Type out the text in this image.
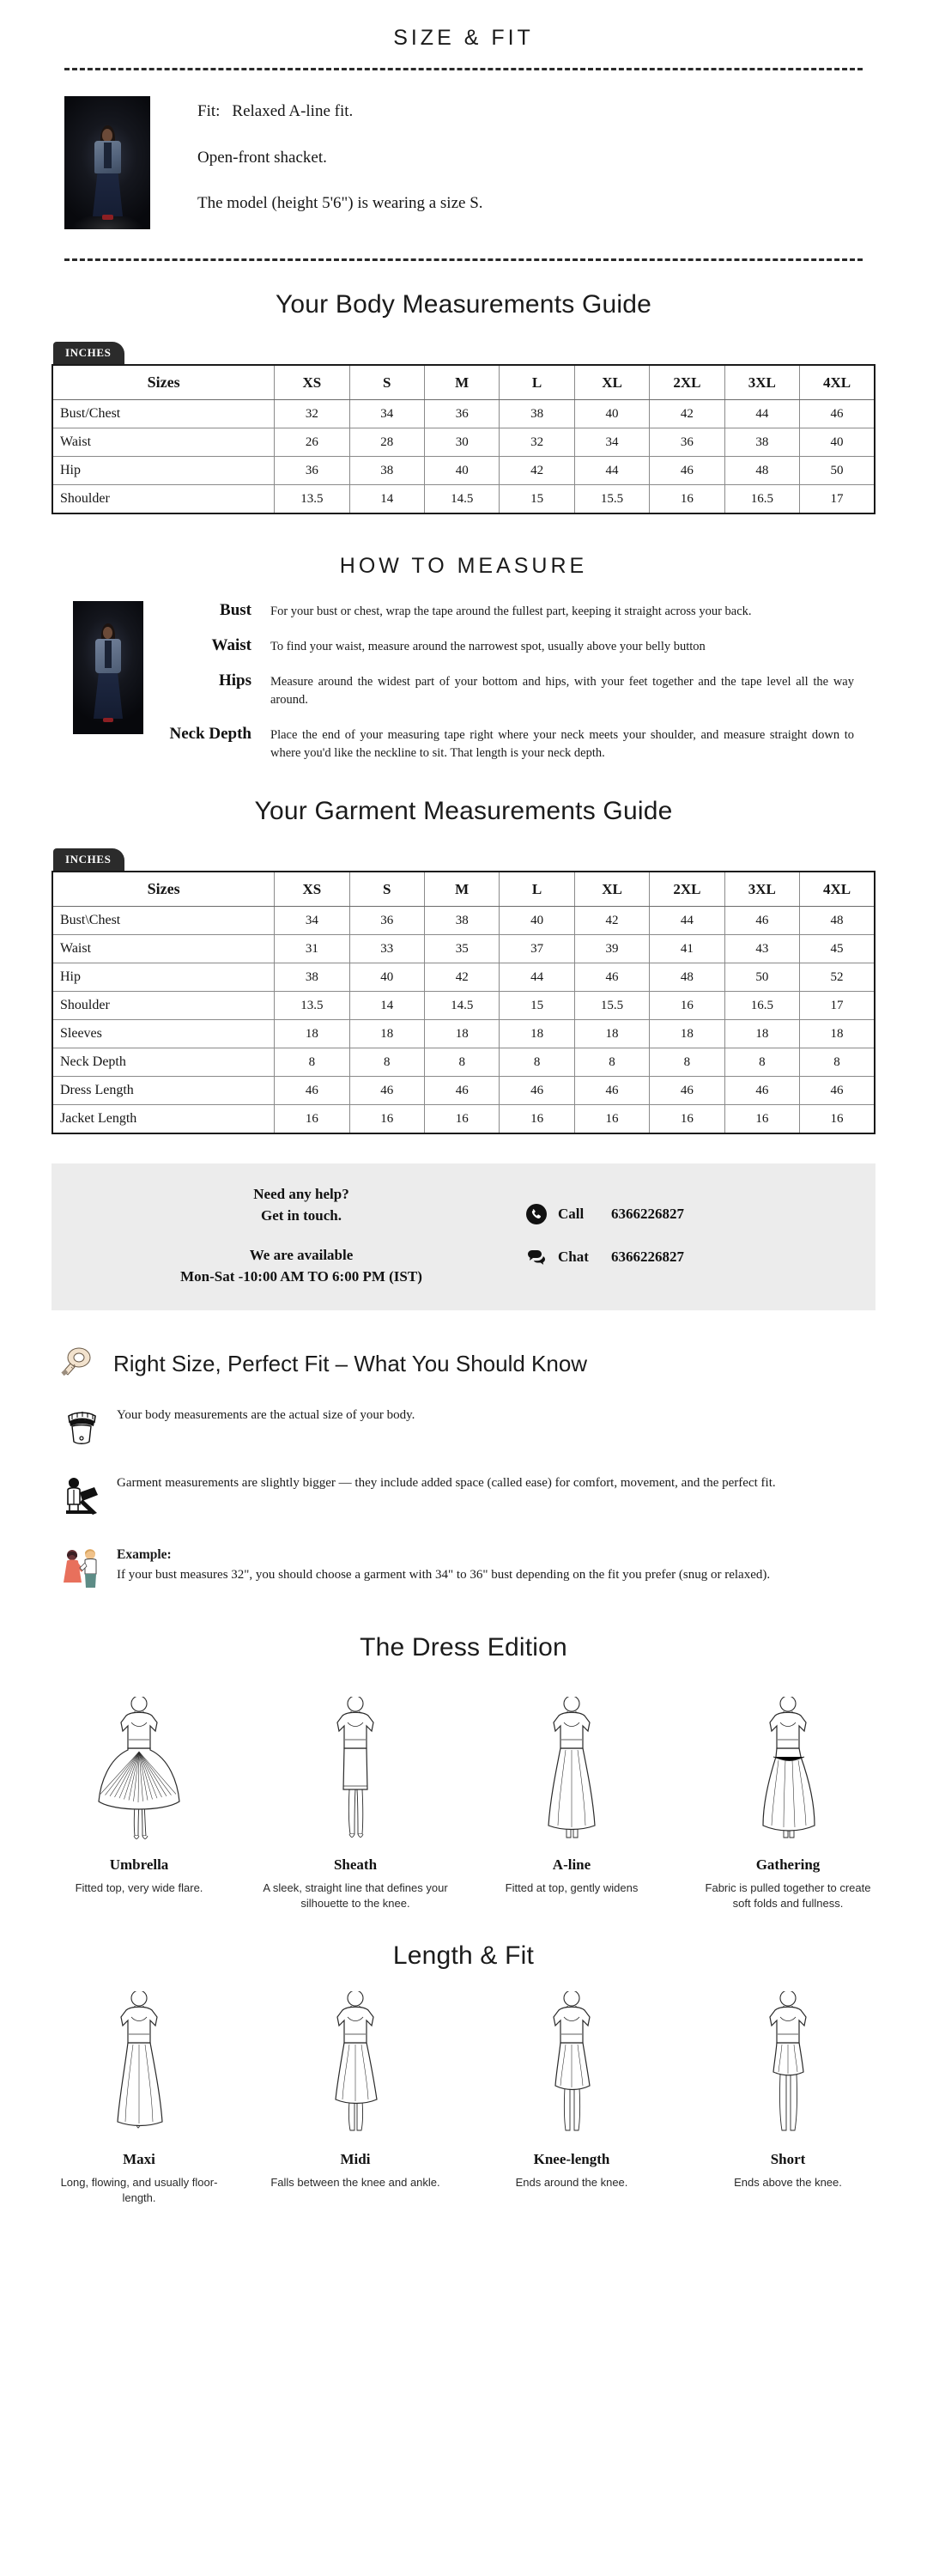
SIZE & FIT
Fit: Relaxed A-line fit.
Open-front shacket.
The model (height 5'6") is wearing a size S.
Your Body Measurements Guide
INCHES
Sizes	XS	S	M	L	XL	2XL	3XL	4XL
Bust/Chest	32	34	36	38	40	42	44	46
Waist	26	28	30	32	34	36	38	40
Hip	36	38	40	42	44	46	48	50
Shoulder	13.5	14	14.5	15	15.5	16	16.5	17
HOW TO MEASURE
Bust	For your bust or chest, wrap the tape around the fullest part, keeping it straight across your back.
Waist	To find your waist, measure around the narrowest spot, usually above your belly button
Hips	Measure around the widest part of your bottom and hips, with your feet together and the tape level all the way around.
Neck Depth	Place the end of your measuring tape right where your neck meets your shoulder, and measure straight down to where you'd like the neckline to sit. That length is your neck depth.
Your Garment Measurements Guide
INCHES
Sizes	XS	S	M	L	XL	2XL	3XL	4XL
Bust\Chest	34	36	38	40	42	44	46	48
Waist	31	33	35	37	39	41	43	45
Hip	38	40	42	44	46	48	50	52
Shoulder	13.5	14	14.5	15	15.5	16	16.5	17
Sleeves	18	18	18	18	18	18	18	18
Neck Depth	8	8	8	8	8	8	8	8
Dress Length	46	46	46	46	46	46	46	46
Jacket Length	16	16	16	16	16	16	16	16
Need any help?
Get in touch.
We are available
Mon-Sat -10:00 AM TO 6:00 PM (IST)
Call	6366226827
Chat	6366226827
Right Size, Perfect Fit – What You Should Know
Your body measurements are the actual size of your body.
Garment measurements are slightly bigger — they include added space (called ease) for comfort, movement, and the perfect fit.
Example:
If your bust measures 32", you should choose a garment with 34" to 36" bust depending on the fit you prefer (snug or relaxed).
The Dress Edition
Umbrella
Fitted top, very wide flare.
Sheath
A sleek, straight line that defines your silhouette to the knee.
A-line
Fitted at top, gently widens
Gathering
Fabric is pulled together to create soft folds and fullness.
Length & Fit
Maxi
Long, flowing, and usually floor-length.
Midi
Falls between the knee and ankle.
Knee-length
Ends around the knee.
Short
Ends above the knee.
